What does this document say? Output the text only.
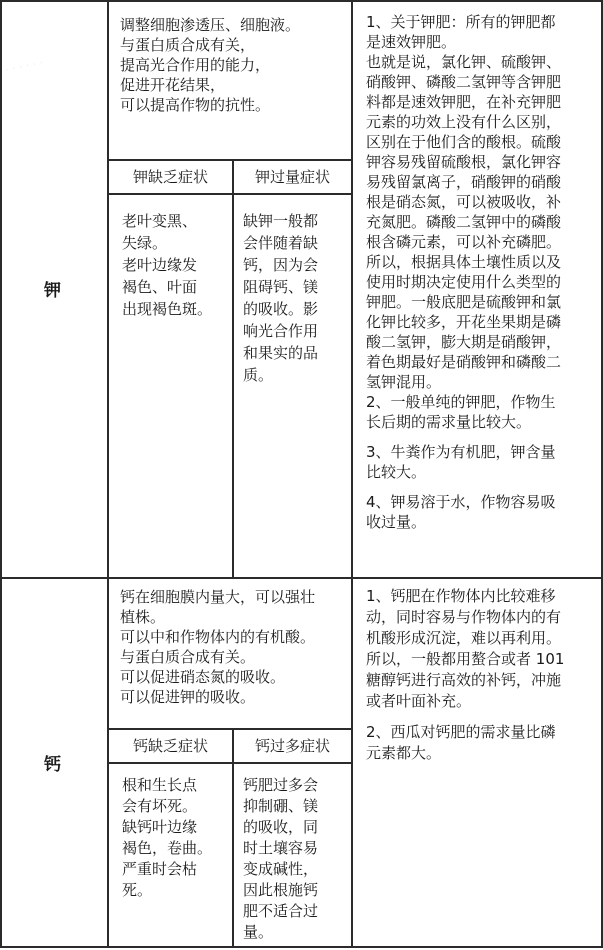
· · · · · ·
钾

调整细胞渗透压、细胞液。

与蛋白质合成有关，

提高光合作用的能力，

促进开花结果，

可以提高作物的抗性。

钾缺乏症状	钾过量症状

老叶变黑、

失绿。

老叶边缘发

褐色、叶面

出现褐色斑。

缺钾一般都

会伴随着缺

钙，因为会

阻碍钙、镁

的吸收。影

响光合作用

和果实的品

质。

1、关于钾肥：所有的钾肥都

是速效钾肥。

也就是说，氯化钾、硫酸钾、

硝酸钾、磷酸二氢钾等含钾肥

料都是速效钾肥，在补充钾肥

元素的功效上没有什么区别，

区别在于他们含的酸根。硫酸

钾容易残留硫酸根，氯化钾容

易残留氯离子，硝酸钾的硝酸

根是硝态氮，可以被吸收，补

充氮肥。磷酸二氢钾中的磷酸

根含磷元素，可以补充磷肥。

所以，根据具体土壤性质以及

使用时期决定使用什么类型的

钾肥。一般底肥是硫酸钾和氯

化钾比较多，开花坐果期是磷

酸二氢钾，膨大期是硝酸钾，

着色期最好是硝酸钾和磷酸二

氢钾混用。

2、一般单纯的钾肥，作物生

长后期的需求量比较大。

3、牛粪作为有机肥，钾含量

比较大。

4、钾易溶于水，作物容易吸

收过量。

钙

钙在细胞膜内量大，可以强壮

植株。

可以中和作物体内的有机酸。

与蛋白质合成有关。

可以促进硝态氮的吸收。

可以促进钾的吸收。

钙缺乏症状	钙过多症状

根和生长点

会有坏死。

缺钙叶边缘

褐色，卷曲。

严重时会枯

死。

钙肥过多会

抑制硼、镁

的吸收，同

时土壤容易

变成碱性，

因此根施钙

肥不适合过

量。

1、钙肥在作物体内比较难移

动，同时容易与作物体内的有

机酸形成沉淀，难以再利用。

所以，一般都用螯合或者 101

糖醇钙进行高效的补钙，冲施

或者叶面补充。

2、西瓜对钙肥的需求量比磷

元素都大。
